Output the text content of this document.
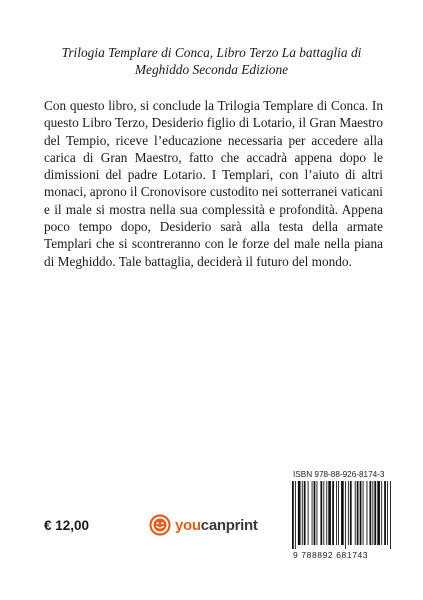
Trilogia Templare di Conca, Libro Terzo La battaglia di
Meghiddo Seconda Edizione
Con questo libro, si conclude la Trilogia Templare di Conca. In questo Libro Terzo, Desiderio figlio di Lotario, il Gran Maestro del Tempio, riceve l’educazione necessaria per accedere alla carica di Gran Maestro, fatto che accadrà appena dopo le dimissioni del padre Lotario. I Templari, con l’aiuto di altri monaci, aprono il Cronovisore custodito nei sotterranei vaticani e il male si mostra nella sua complessità e profondità. Appena poco tempo dopo, Desiderio sarà alla testa della armate Templari che si scontreranno con le forze del male nella piana di Meghiddo. Tale battaglia, deciderà il futuro del mondo.
€ 12,00	youcanprint
ISBN 978-88-926-8174-3
9 788892 681743
